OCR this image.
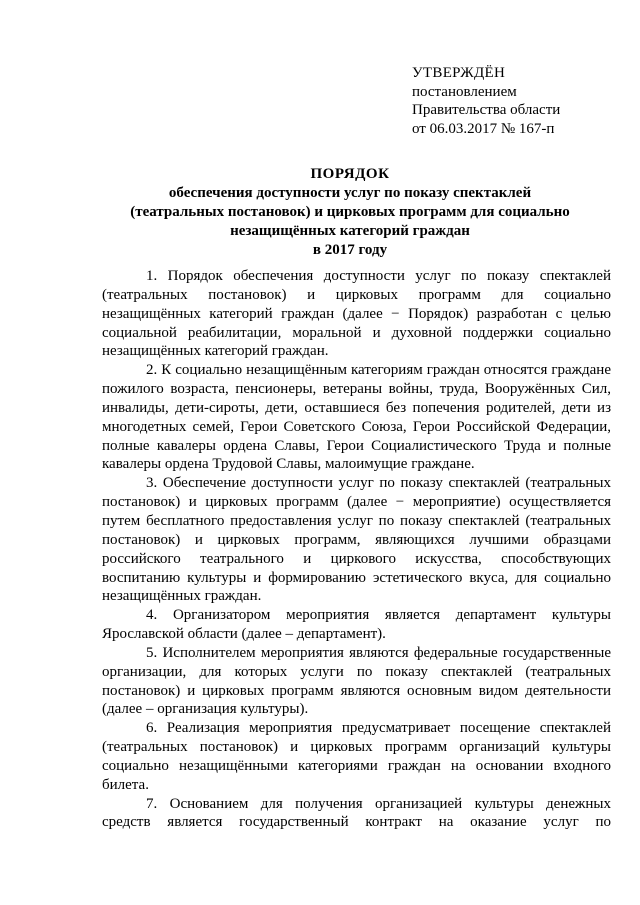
УТВЕРЖДЁН
постановлением
Правительства области
от 06.03.2017 № 167-п
ПОРЯДОК
обеспечения доступности услуг по показу спектаклей
(театральных постановок) и цирковых программ для социально
незащищённых категорий граждан
в 2017 году

1. Порядок обеспечения доступности услуг по показу спектаклей (театральных постановок) и цирковых программ для социально незащищённых категорий граждан (далее − Порядок) разработан с целью социальной реабилитации, моральной и духовной поддержки социально незащищённых категорий граждан.

2. К социально незащищённым категориям граждан относятся граждане пожилого возраста, пенсионеры, ветераны войны, труда, Вооружённых Сил, инвалиды, дети-сироты, дети, оставшиеся без попечения родителей, дети из многодетных семей, Герои Советского Союза, Герои Российской Федерации, полные кавалеры ордена Славы, Герои Социалистического Труда и полные кавалеры ордена Трудовой Славы, малоимущие граждане.

3. Обеспечение доступности услуг по показу спектаклей (театральных постановок) и цирковых программ (далее − мероприятие) осуществляется путем бесплатного предоставления услуг по показу спектаклей (театральных постановок) и цирковых программ, являющихся лучшими образцами российского театрального и циркового искусства, способствующих воспитанию культуры и формированию эстетического вкуса, для социально незащищённых граждан.

4. Организатором мероприятия является департамент культуры Ярославской области (далее – департамент).

5. Исполнителем мероприятия являются федеральные государственные организации, для которых услуги по показу спектаклей (театральных постановок) и цирковых программ являются основным видом деятельности (далее – организация культуры).

6. Реализация мероприятия предусматривает посещение спектаклей (театральных постановок) и цирковых программ организаций культуры социально незащищёнными категориями граждан на основании входного билета.

7. Основанием для получения организацией культуры денежных средств является государственный контракт на оказание услуг по
